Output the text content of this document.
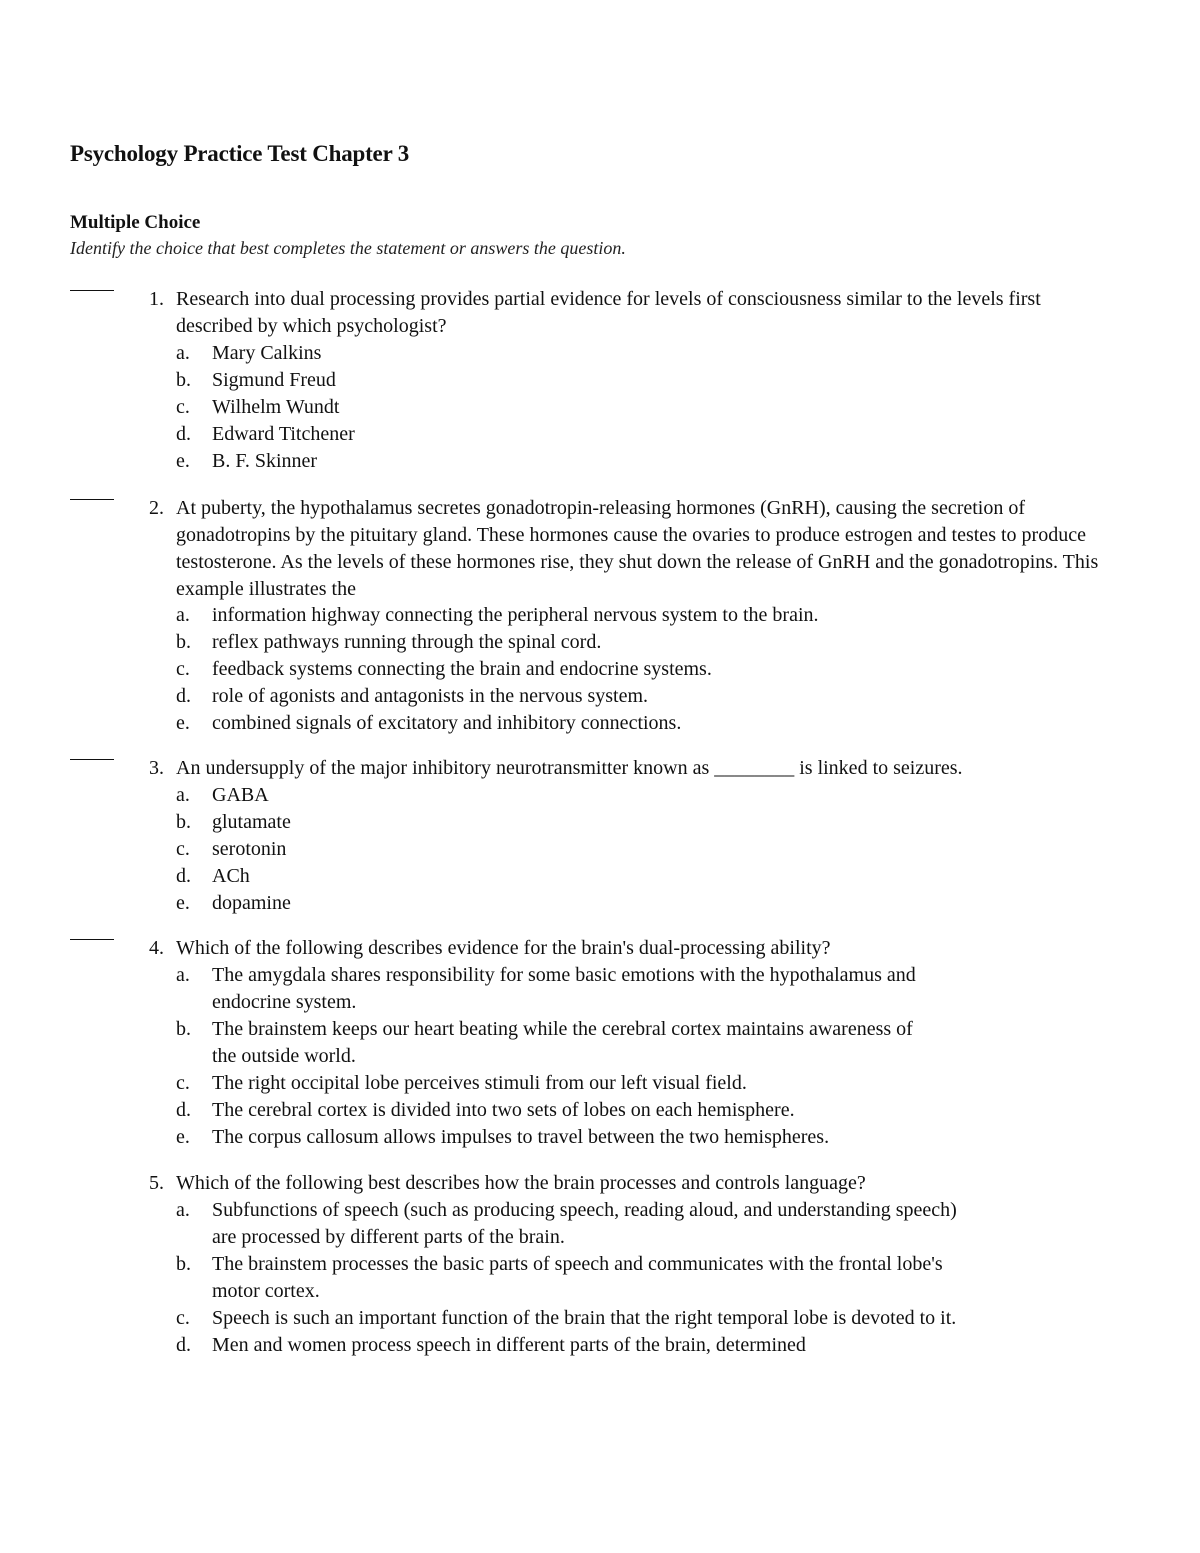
Psychology Practice Test Chapter 3
Multiple Choice

Identify the choice that best completes the statement or answers the question.

1. Research into dual processing provides partial evidence for levels of consciousness similar to the levels first described by which psychologist?
a.	Mary Calkins
b. Sigmund Freud
c.	Wilhelm Wundt
d. Edward Titchener
e.	B. F. Skinner
2. At puberty, the hypothalamus secretes gonadotropin-releasing hormones (GnRH), causing the secretion of gonadotropins by the pituitary gland. These hormones cause the ovaries to produce estrogen and testes to produce testosterone. As the levels of these hormones rise, they shut down the release of GnRH and the gonadotropins. This example illustrates the
a.	information highway connecting the peripheral nervous system to the brain.
b. reflex pathways running through the spinal cord.
c.	feedback systems connecting the brain and endocrine systems.
d. role of agonists and antagonists in the nervous system.
e.	combined signals of excitatory and inhibitory connections.
3. An undersupply of the major inhibitory neurotransmitter known as ________ is linked to seizures.
a.	GABA
b. glutamate
c.	serotonin
d. ACh
e.	dopamine
4. Which of the following describes evidence for the brain's dual-processing ability?
a.	The amygdala shares responsibility for some basic emotions with the hypothalamus and endocrine system.
b. The brainstem keeps our heart beating while the cerebral cortex maintains awareness of the outside world.
c.	The right occipital lobe perceives stimuli from our left visual field.
d. The cerebral cortex is divided into two sets of lobes on each hemisphere.
e.	The corpus callosum allows impulses to travel between the two hemispheres.
5. Which of the following best describes how the brain processes and controls language?
a.	Subfunctions of speech (such as producing speech, reading aloud, and understanding speech) are processed by different parts of the brain.
b. The brainstem processes the basic parts of speech and communicates with the frontal lobe's motor cortex.
c.	Speech is such an important function of the brain that the right temporal lobe is devoted to it.
d. Men and women process speech in different parts of the brain, determined
